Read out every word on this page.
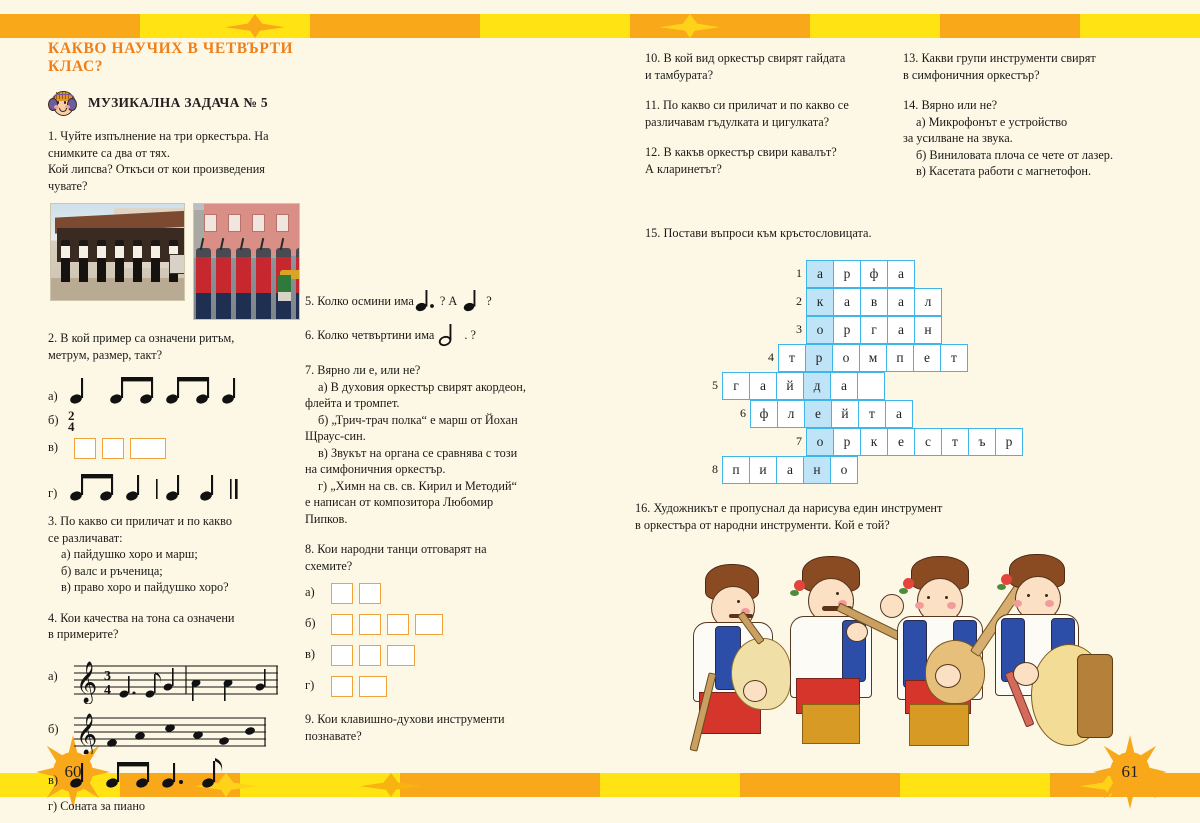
60	61
КАКВО НАУЧИХ В ЧЕТВЪРТИ КЛАС?
МУЗИКАЛНА ЗАДАЧА № 5
1. Чуйте изпълнение на три оркестъра. На снимките са два от тях.
Кой липсва? Откъси от кои произведения чувате?
2. В кой пример са означени ритъм,
метрум, размер, такт?
а)
б) 2
4
в)
г)
3. По какво си приличат и по какво
се различават:
а) пайдушко хоро и марш;
б) валс и ръченица;
в) право хоро и пайдушко хоро?
4. Кои качества на тона са означени
в примерите?
а) 𝄞 3
4
б) 𝄞
в)
г) Соната за пиано
5. Колко осмини има ? А ?
6. Колко четвъртини има . ?
7. Вярно ли е, или не?
а) В духовия оркестър свирят акордеон,
флейта и тромпет.
б) „Трич-трач полка“ е марш от Йохан
Щраус-син.
в) Звукът на органа се сравнява с този
на симфоничния оркестър.
г) „Химн на св. св. Кирил и Методий“
е написан от композитора Любомир
Пипков.
8. Кои народни танци отговарят на
схемите?
а)
б)
в)
г)
9. Кои клавишно-духови инструменти
познавате?
10. В кой вид оркестър свирят гайдата
и тамбурата?
11. По какво си приличат и по какво се
различавам гъдулката и цигулката?
12. В какъв оркестър свири кавалът?
А кларинетът?
13. Какви групи инструменти свирят
в симфоничния оркестър?
14. Вярно или не?
а) Микрофонът е устройство
за усилване на звука.
б) Виниловата плоча се чете от лазер.
в) Касетата работи с магнетофон.
15. Постави въпроси към кръстословицата.
1	а	р	ф	а
2	к	а	в	а	л
3	о	р	г	а	н
4	т	р	о	м	п	е	т
5	г	а	й	д	а
6	ф	л	е	й	т	а
7	о	р	к	е	с	т	ъ	р
8	п	и	а	н	о
16. Художникът е пропуснал да нарисува един инструмент
в оркестъра от народни инструменти. Кой е той?
